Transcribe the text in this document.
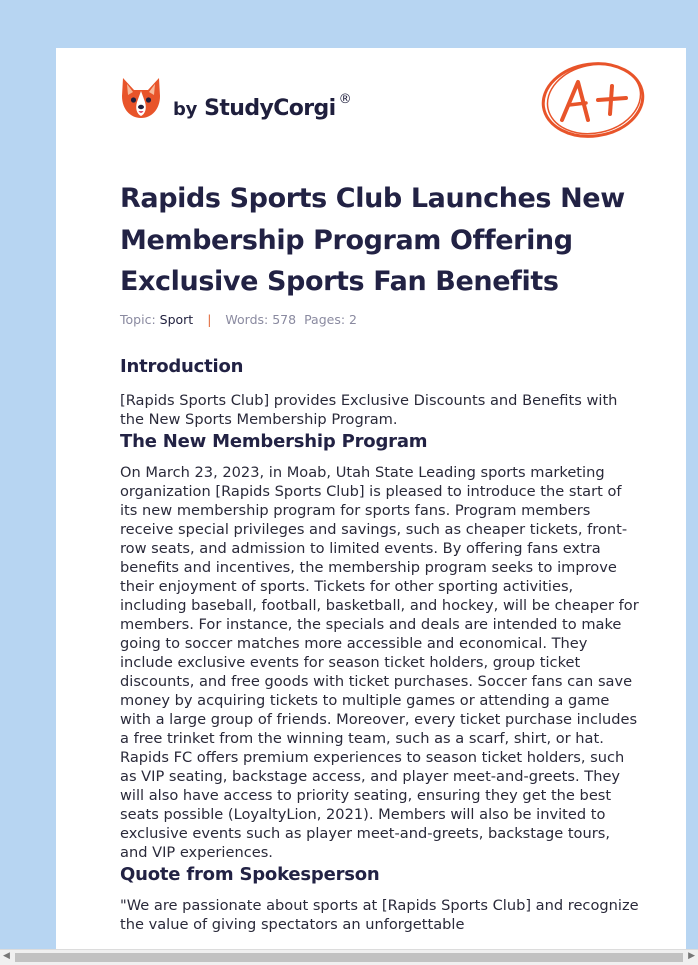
by StudyCorgi ®
A+
Rapids Sports Club Launches New Membership Program Offering Exclusive Sports Fan Benefits
Topic: Sport | Words: 578 Pages: 2
Introduction

[Rapids Sports Club] provides Exclusive Discounts and Benefits with the New Sports Membership Program.

The New Membership Program

On March 23, 2023, in Moab, Utah State Leading sports marketing organization [Rapids Sports Club] is pleased to introduce the start of its new membership program for sports fans. Program members receive special privileges and savings, such as cheaper tickets, front-row seats, and admission to limited events. By offering fans extra benefits and incentives, the membership program seeks to improve their enjoyment of sports. Tickets for other sporting activities, including baseball, football, basketball, and hockey, will be cheaper for members. For instance, the specials and deals are intended to make going to soccer matches more accessible and economical. They include exclusive events for season ticket holders, group ticket discounts, and free goods with ticket purchases. Soccer fans can save money by acquiring tickets to multiple games or attending a game with a large group of friends. Moreover, every ticket purchase includes a free trinket from the winning team, such as a scarf, shirt, or hat. Rapids FC offers premium experiences to season ticket holders, such as VIP seating, backstage access, and player meet-and-greets. They will also have access to priority seating, ensuring they get the best seats possible (LoyaltyLion, 2021). Members will also be invited to exclusive events such as player meet-and-greets, backstage tours, and VIP experiences.

Quote from Spokesperson

"We are passionate about sports at [Rapids Sports Club] and recognize the value of giving spectators an unforgettable

◀	▶
